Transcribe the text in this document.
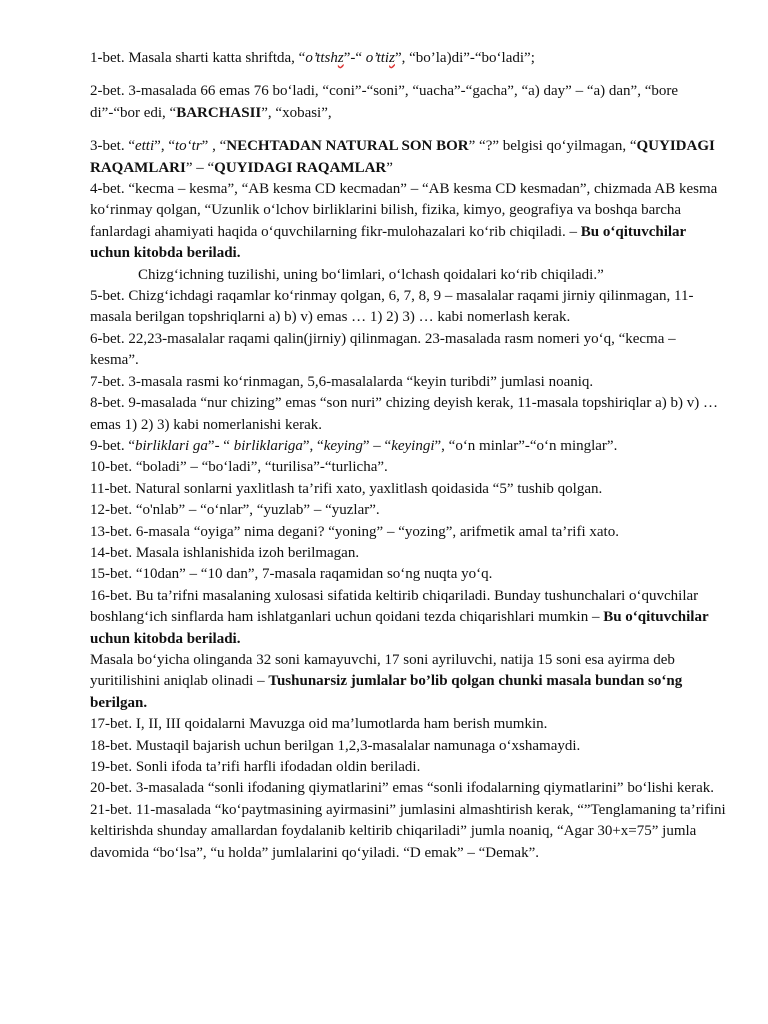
1-bet. Masala sharti katta shriftda, “o’ttshz”-“ o’ttiz”, “bo’la)di”-“bo‘ladi”;

2-bet. 3-masalada 66 emas 76 bo‘ladi, “coni”-“soni”, “uacha”-“gacha”, “a) day” – “a) dan”, “bore di”-“bor edi, “BARCHASII”, “xobasi”,

3-bet. “etti”, “to‘tr” , “NECHTADAN NATURAL SON BOR” “?” belgisi qo‘yilmagan, “QUYIDAGI RAQAMLARI” – “QUYIDAGI RAQAMLAR”

4-bet. “kecma – kesma”, “AB kesma CD kecmadan” – “AB kesma CD kesmadan”, chizmada AB kesma ko‘rinmay qolgan, “Uzunlik o‘lchov birliklarini bilish, fizika, kimyo, geografiya va boshqa barcha fanlardagi ahamiyati haqida o‘quvchilarning fikr-mulohazalari ko‘rib chiqiladi. – Bu o‘qituvchilar uchun kitobda beriladi.

Chizg‘ichning tuzilishi, uning bo‘limlari, o‘lchash qoidalari ko‘rib chiqiladi.”

5-bet. Chizg‘ichdagi raqamlar ko‘rinmay qolgan, 6, 7, 8, 9 – masalalar raqami jirniy qilinmagan, 11-masala berilgan topshriqlarni a) b) v) emas … 1) 2) 3) … kabi nomerlash kerak.

6-bet. 22,23-masalalar raqami qalin(jirniy) qilinmagan. 23-masalada rasm nomeri yo‘q, “kecma – kesma”.

7-bet. 3-masala rasmi ko‘rinmagan, 5,6-masalalarda “keyin turibdi” jumlasi noaniq.

8-bet. 9-masalada “nur chizing” emas “son nuri” chizing deyish kerak, 11-masala topshiriqlar a) b) v) … emas 1) 2) 3) kabi nomerlanishi kerak.

9-bet. “birliklari ga”- “ birliklariga”, “keying” – “keyingi”, “o‘n minlar”-“o‘n minglar”.

10-bet. “boladi” – “bo‘ladi”, “turilisa”-“turlicha”.

11-bet. Natural sonlarni yaxlitlash ta’rifi xato, yaxlitlash qoidasida “5” tushib qolgan.

12-bet. “o'nlab” – “o‘nlar”, “yuzlab” – “yuzlar”.

13-bet. 6-masala “oyiga” nima degani? “yoning” – “yozing”, arifmetik amal ta’rifi xato.

14-bet. Masala ishlanishida izoh berilmagan.

15-bet. “10dan” – “10 dan”, 7-masala raqamidan so‘ng nuqta yo‘q.

16-bet. Bu ta’rifni masalaning xulosasi sifatida keltirib chiqariladi. Bunday tushunchalari o‘quvchilar boshlang‘ich sinflarda ham ishlatganlari uchun qoidani tezda chiqarishlari mumkin – Bu o‘qituvchilar uchun kitobda beriladi.

Masala bo‘yicha olinganda 32 soni kamayuvchi, 17 soni ayriluvchi, natija 15 soni esa ayirma deb yuritilishini aniqlab olinadi – Tushunarsiz jumlalar bo’lib qolgan chunki masala bundan so‘ng berilgan.

17-bet. I, II, III qoidalarni Mavuzga oid ma’lumotlarda ham berish mumkin.

18-bet. Mustaqil bajarish uchun berilgan 1,2,3-masalalar namunaga o‘xshamaydi.

19-bet. Sonli ifoda ta’rifi harfli ifodadan oldin beriladi.

20-bet. 3-masalada “sonli ifodaning qiymatlarini” emas “sonli ifodalarning qiymatlarini” bo‘lishi kerak.

21-bet. 11-masalada “ko‘paytmasining ayirmasini” jumlasini almashtirish kerak, “”Tenglamaning ta’rifini keltirishda shunday amallardan foydalanib keltirib chiqariladi” jumla noaniq, “Agar 30+x=75” jumla davomida “bo‘lsa”, “u holda” jumlalarini qo‘yiladi. “D emak” – “Demak”.
